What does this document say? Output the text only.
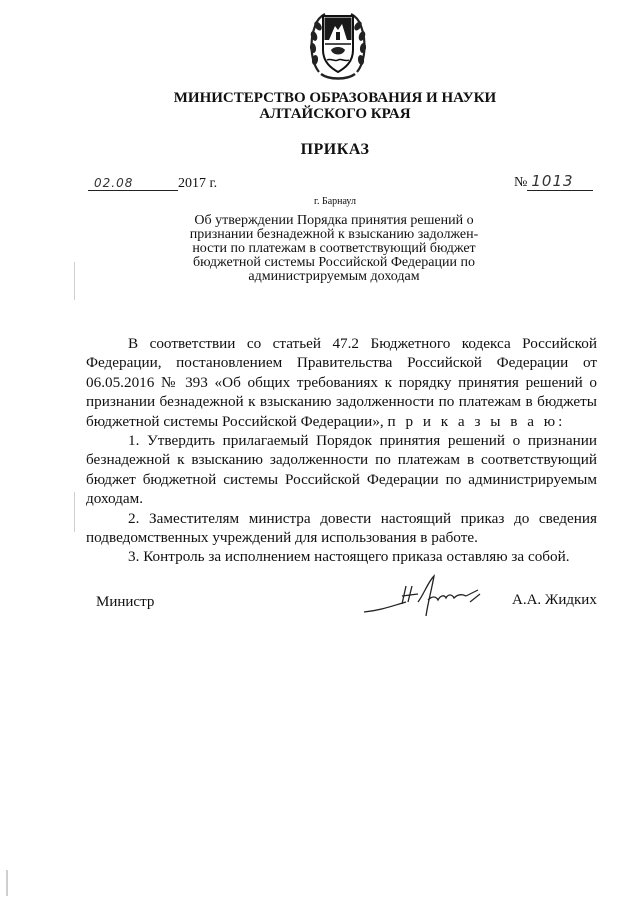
МИНИСТЕРСТВО ОБРАЗОВАНИЯ И НАУКИ
АЛТАЙСКОГО КРАЯ
ПРИКАЗ
02.08	2017 г.	№ 1013
г. Барнаул
Об утверждении Порядка принятия решений о
признании безнадежной к взысканию задолжен-
ности по платежам в соответствующий бюджет
бюджетной системы Российской Федерации по
администрируемым доходам

В соответствии со статьей 47.2 Бюджетного кодекса Российской Федерации, постановлением Правительства Российской Федерации от 06.05.2016 № 393 «Об общих требованиях к порядку принятия решений о признании безнадежной к взысканию задолженности по платежам в бюджеты бюджетной системы Российской Федерации», п р и к а з ы в а ю:

1. Утвердить прилагаемый Порядок принятия решений о признании безнадежной к взысканию задолженности по платежам в соответствующий бюджет бюджетной системы Российской Федерации по администрируемым доходам.

2. Заместителям министра довести настоящий приказ до сведения подведомственных учреждений для использования в работе.

3. Контроль за исполнением настоящего приказа оставляю за собой.

Министр	А.А. Жидких
